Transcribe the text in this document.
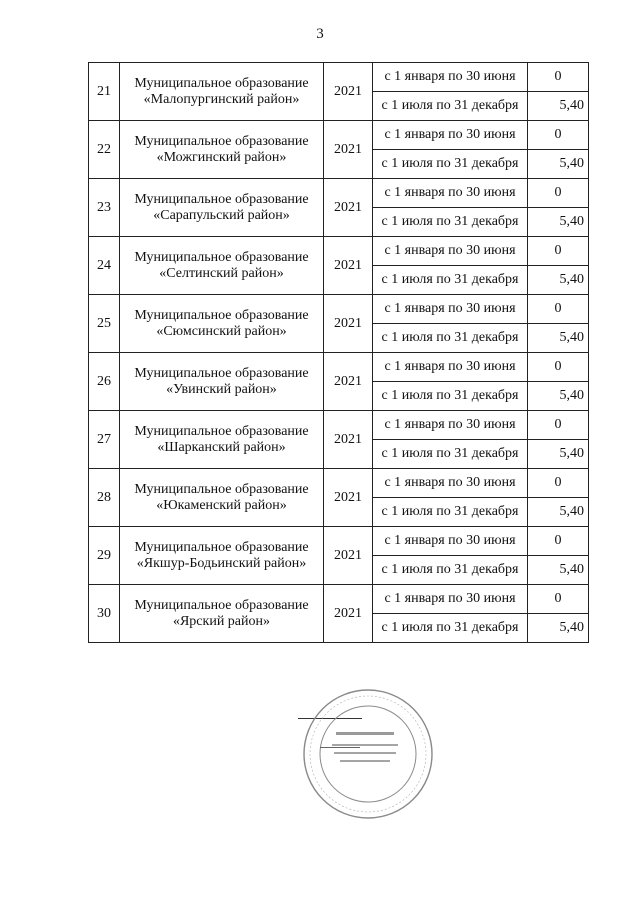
3
21	Муниципальное образование
«Малопургинский район»	2021	с 1 января по 30 июня	0
			с 1 июля по 31 декабря	5,40
22	Муниципальное образование
«Можгинский район»	2021	с 1 января по 30 июня	0
			с 1 июля по 31 декабря	5,40
23	Муниципальное образование
«Сарапульский район»	2021	с 1 января по 30 июня	0
			с 1 июля по 31 декабря	5,40
24	Муниципальное образование
«Селтинский район»	2021	с 1 января по 30 июня	0
			с 1 июля по 31 декабря	5,40
25	Муниципальное образование
«Сюмсинский район»	2021	с 1 января по 30 июня	0
			с 1 июля по 31 декабря	5,40
26	Муниципальное образование
«Увинский район»	2021	с 1 января по 30 июня	0
			с 1 июля по 31 декабря	5,40
27	Муниципальное образование
«Шарканский район»	2021	с 1 января по 30 июня	0
			с 1 июля по 31 декабря	5,40
28	Муниципальное образование
«Юкаменский район»	2021	с 1 января по 30 июня	0
			с 1 июля по 31 декабря	5,40
29	Муниципальное образование
«Якшур-Бодьинский район»	2021	с 1 января по 30 июня	0
			с 1 июля по 31 декабря	5,40
30	Муниципальное образование
«Ярский район»	2021	с 1 января по 30 июня	0
			с 1 июля по 31 декабря	5,40
